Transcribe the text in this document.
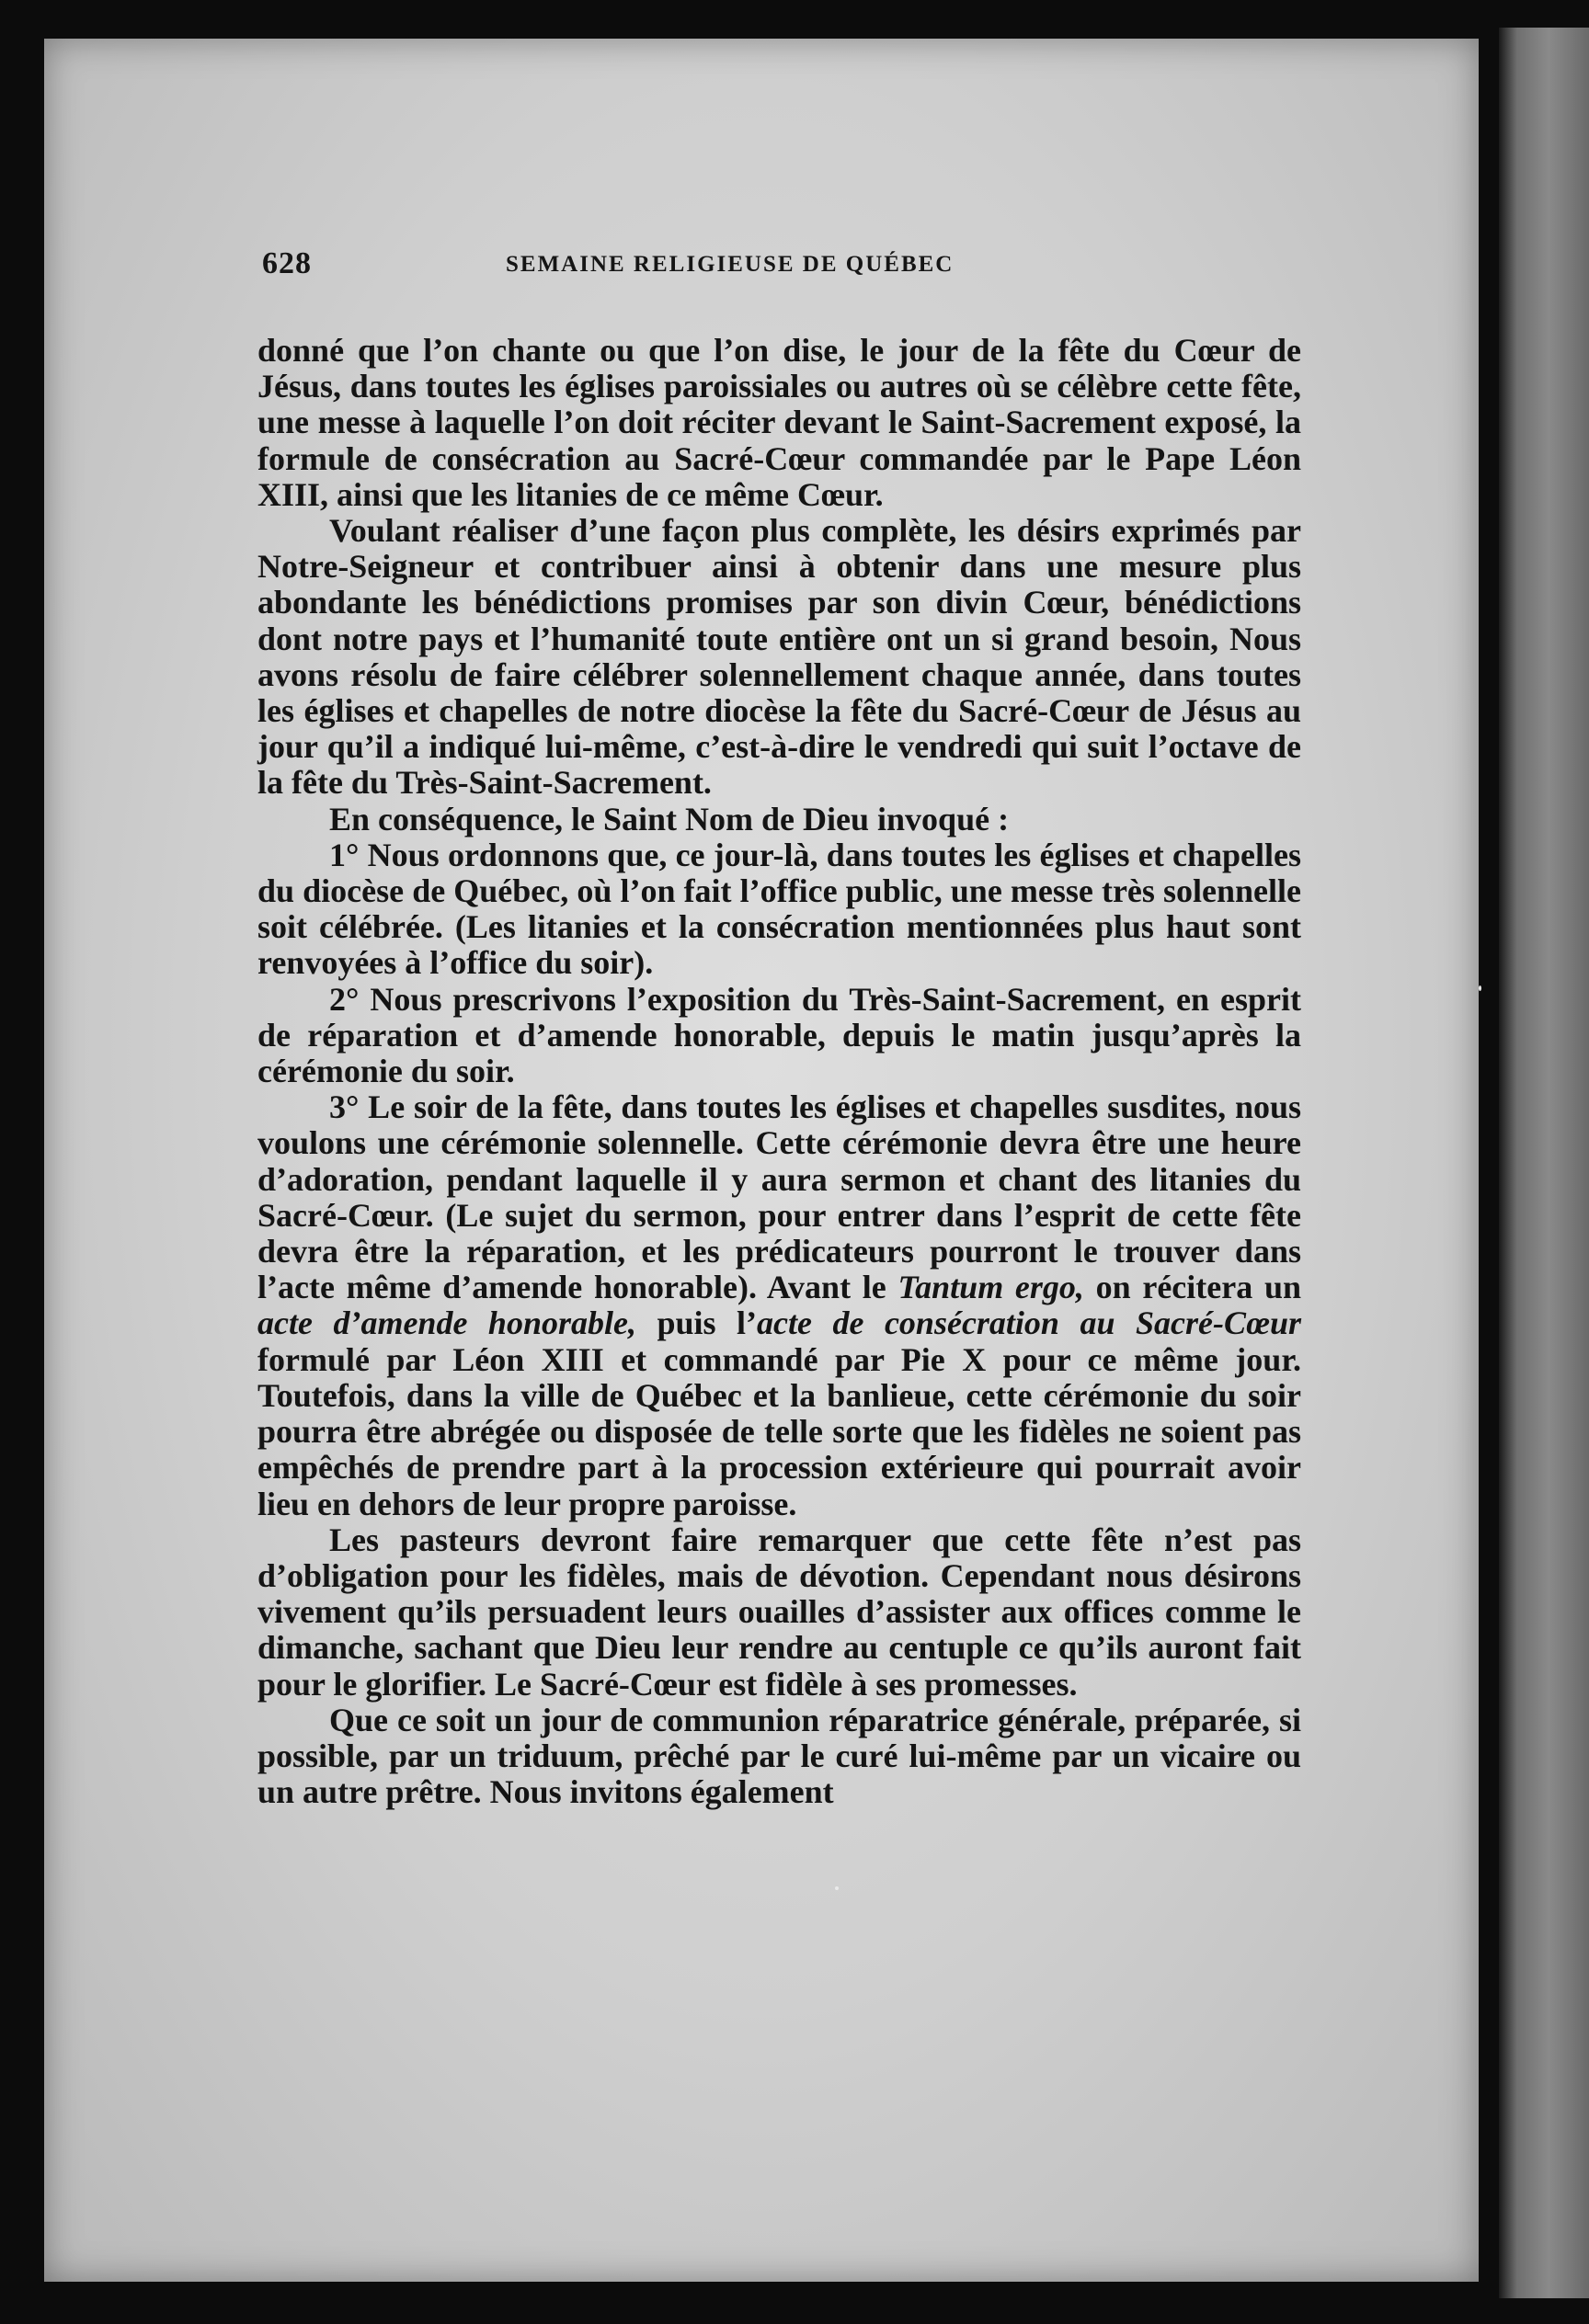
628	SEMAINE RELIGIEUSE DE QUÉBEC

donné que l’on chante ou que l’on dise, le jour de la fête du Cœur de Jésus, dans toutes les églises paroissiales ou autres où se célèbre cette fête, une messe à laquelle l’on doit réciter devant le Saint-Sacrement exposé, la formule de consécration au Sacré-Cœur commandée par le Pape Léon XIII, ainsi que les litanies de ce même Cœur.

Voulant réaliser d’une façon plus complète, les désirs exprimés par Notre-Seigneur et contribuer ainsi à obtenir dans une mesure plus abondante les bénédictions promises par son divin Cœur, bénédictions dont notre pays et l’humanité toute entière ont un si grand besoin, Nous avons résolu de faire célébrer solennellement chaque année, dans toutes les églises et chapelles de notre diocèse la fête du Sacré-Cœur de Jésus au jour qu’il a indiqué lui-même, c’est-à-dire le vendredi qui suit l’octave de la fête du Très-Saint-Sacrement.

En conséquence, le Saint Nom de Dieu invoqué :

1° Nous ordonnons que, ce jour-là, dans toutes les églises et chapelles du diocèse de Québec, où l’on fait l’office public, une messe très solennelle soit célébrée. (Les litanies et la consécration mentionnées plus haut sont renvoyées à l’office du soir).

2° Nous prescrivons l’exposition du Très-Saint-Sacrement, en esprit de réparation et d’amende honorable, depuis le matin jusqu’après la cérémonie du soir.

3° Le soir de la fête, dans toutes les églises et chapelles susdites, nous voulons une cérémonie solennelle. Cette cérémonie devra être une heure d’adoration, pendant laquelle il y aura sermon et chant des litanies du Sacré-Cœur. (Le sujet du sermon, pour entrer dans l’esprit de cette fête devra être la réparation, et les prédicateurs pourront le trouver dans l’acte même d’amende honorable). Avant le Tantum ergo, on récitera un acte d’amende honorable, puis l’acte de consécration au Sacré-Cœur formulé par Léon XIII et commandé par Pie X pour ce même jour. Toutefois, dans la ville de Québec et la banlieue, cette cérémonie du soir pourra être abrégée ou disposée de telle sorte que les fidèles ne soient pas empêchés de prendre part à la procession extérieure qui pourrait avoir lieu en dehors de leur propre paroisse.

Les pasteurs devront faire remarquer que cette fête n’est pas d’obligation pour les fidèles, mais de dévotion. Cependant nous désirons vivement qu’ils persuadent leurs ouailles d’assister aux offices comme le dimanche, sachant que Dieu leur rendre au centuple ce qu’ils auront fait pour le glorifier. Le Sacré-Cœur est fidèle à ses promesses.

Que ce soit un jour de communion réparatrice générale, préparée, si possible, par un triduum, prêché par le curé lui-même par un vicaire ou un autre prêtre. Nous invitons également
